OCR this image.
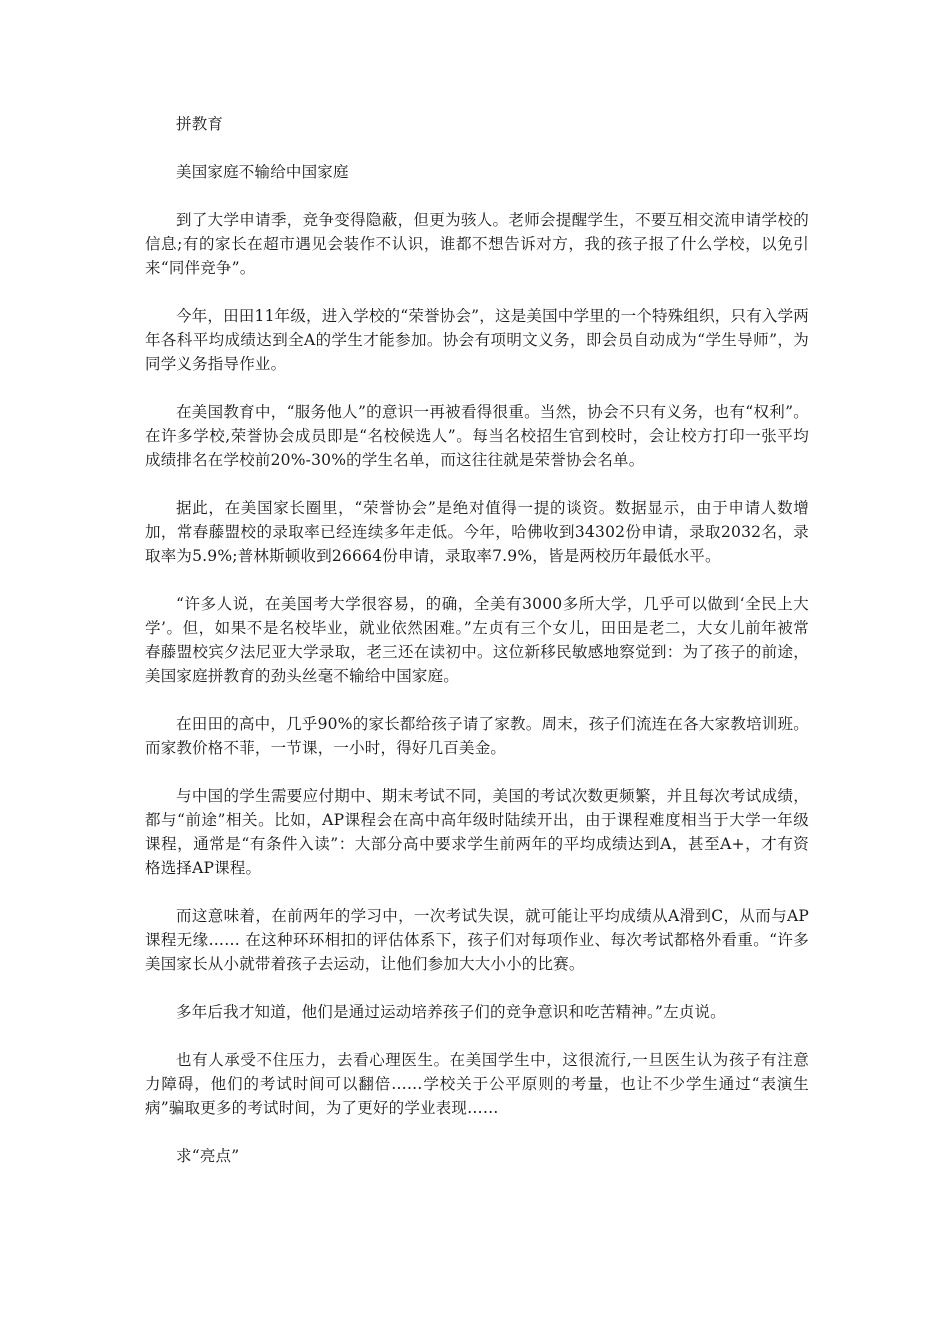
拼教育

美国家庭不输给中国家庭

到了大学申请季，竞争变得隐蔽，但更为骇人。老师会提醒学生，不要互相交流申请学校的信息;有的家长在超市遇见会装作不认识，谁都不想告诉对方，我的孩子报了什么学校，以免引来“同伴竞争”。

今年，田田11年级，进入学校的“荣誉协会”，这是美国中学里的一个特殊组织，只有入学两年各科平均成绩达到全A的学生才能参加。协会有项明文义务，即会员自动成为“学生导师”，为同学义务指导作业。

在美国教育中，“服务他人”的意识一再被看得很重。当然，协会不只有义务，也有“权利”。在许多学校,荣誉协会成员即是“名校候选人”。每当名校招生官到校时，会让校方打印一张平均成绩排名在学校前20%-30%的学生名单，而这往往就是荣誉协会名单。

据此，在美国家长圈里，“荣誉协会”是绝对值得一提的谈资。数据显示，由于申请人数增加，常春藤盟校的录取率已经连续多年走低。今年，哈佛收到34302份申请，录取2032名，录取率为5.9%;普林斯顿收到26664份申请，录取率7.9%，皆是两校历年最低水平。

“许多人说，在美国考大学很容易，的确，全美有3000多所大学，几乎可以做到‘全民上大学’。但，如果不是名校毕业，就业依然困难。”左贞有三个女儿，田田是老二，大女儿前年被常春藤盟校宾夕法尼亚大学录取，老三还在读初中。这位新移民敏感地察觉到：为了孩子的前途，美国家庭拼教育的劲头丝毫不输给中国家庭。

在田田的高中，几乎90%的家长都给孩子请了家教。周末，孩子们流连在各大家教培训班。而家教价格不菲，一节课，一小时，得好几百美金。

与中国的学生需要应付期中、期末考试不同，美国的考试次数更频繁，并且每次考试成绩，都与“前途”相关。比如，AP课程会在高中高年级时陆续开出，由于课程难度相当于大学一年级课程，通常是“有条件入读”：大部分高中要求学生前两年的平均成绩达到A，甚至A+，才有资格选择AP课程。

而这意味着，在前两年的学习中，一次考试失误，就可能让平均成绩从A滑到C，从而与AP课程无缘…… 在这种环环相扣的评估体系下，孩子们对每项作业、每次考试都格外看重。“许多美国家长从小就带着孩子去运动，让他们参加大大小小的比赛。

多年后我才知道，他们是通过运动培养孩子们的竞争意识和吃苦精神。”左贞说。

也有人承受不住压力，去看心理医生。在美国学生中，这很流行,一旦医生认为孩子有注意力障碍，他们的考试时间可以翻倍……学校关于公平原则的考量，也让不少学生通过“表演生病”骗取更多的考试时间，为了更好的学业表现……

求“亮点”
